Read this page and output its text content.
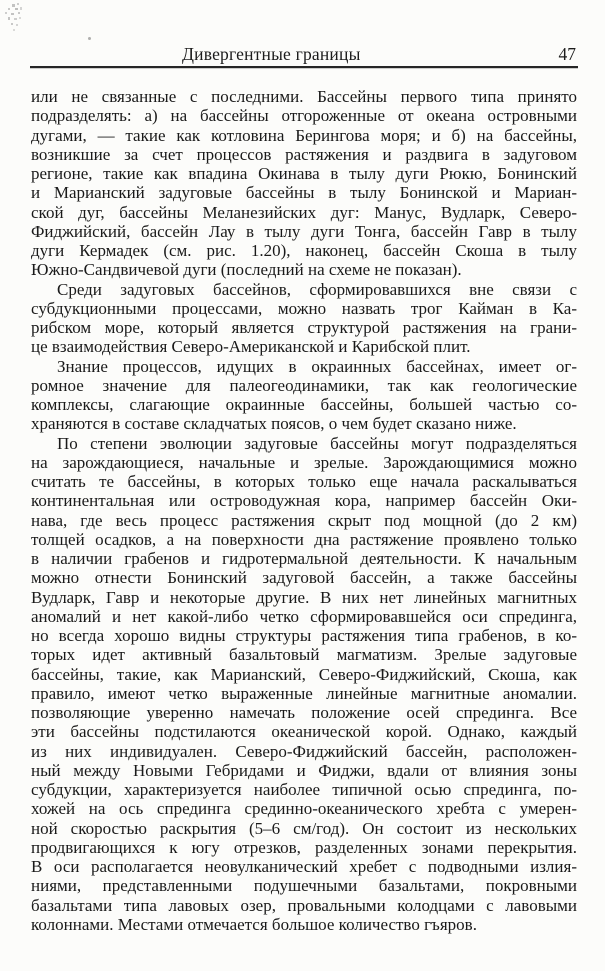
Дивергентные границы	47
или не связанные с последними. Бассейны первого типа принято
подразделять: а) на бассейны отгороженные от океана островными
дугами, — такие как котловина Берингова моря; и б) на бассейны,
возникшие за счет процессов растяжения и раздвига в задуговом
регионе, такие как впадина Окинава в тылу дуги Рюкю, Бонинский
и Марианский задуговые бассейны в тылу Бонинской и Мариан-
ской дуг, бассейны Меланезийских дуг: Манус, Вудларк, Северо-
Фиджийский, бассейн Лау в тылу дуги Тонга, бассейн Гавр в тылу
дуги Кермадек (см. рис. 1.20), наконец, бассейн Скоша в тылу
Южно-Сандвичевой дуги (последний на схеме не показан).
Среди задуговых бассейнов, сформировавшихся вне связи с
субдукционными процессами, можно назвать трог Кайман в Ка-
рибском море, который является структурой растяжения на грани-
це взаимодействия Северо-Американской и Карибской плит.
Знание процессов, идущих в окраинных бассейнах, имеет ог-
ромное значение для палеогеодинамики, так как геологические
комплексы, слагающие окраинные бассейны, большей частью со-
храняются в составе складчатых поясов, о чем будет сказано ниже.
По степени эволюции задуговые бассейны могут подразделяться
на зарождающиеся, начальные и зрелые. Зарождающимися можно
считать те бассейны, в которых только еще начала раскалываться
континентальная или островодужная кора, например бассейн Оки-
нава, где весь процесс растяжения скрыт под мощной (до 2 км)
толщей осадков, а на поверхности дна растяжение проявлено только
в наличии грабенов и гидротермальной деятельности. К начальным
можно отнести Бонинский задуговой бассейн, а также бассейны
Вудларк, Гавр и некоторые другие. В них нет линейных магнитных
аномалий и нет какой-либо четко сформировавшейся оси спрединга,
но всегда хорошо видны структуры растяжения типа грабенов, в ко-
торых идет активный базальтовый магматизм. Зрелые задуговые
бассейны, такие, как Марианский, Северо-Фиджийский, Скоша, как
правило, имеют четко выраженные линейные магнитные аномалии.
позволяющие уверенно намечать положение осей спрединга. Все
эти бассейны подстилаются океанической корой. Однако, каждый
из них индивидуален. Северо-Фиджийский бассейн, расположен-
ный между Новыми Гебридами и Фиджи, вдали от влияния зоны
субдукции, характеризуется наиболее типичной осью спрединга, по-
хожей на ось спрединга срединно-океанического хребта с умерен-
ной скоростью раскрытия (5–6 см/год). Он состоит из нескольких
продвигающихся к югу отрезков, разделенных зонами перекрытия.
В оси располагается неовулканический хребет с подводными излия-
ниями, представленными подушечными базальтами, покровными
базальтами типа лавовых озер, провальными колодцами с лавовыми
колоннами. Местами отмечается большое количество гъяров.
